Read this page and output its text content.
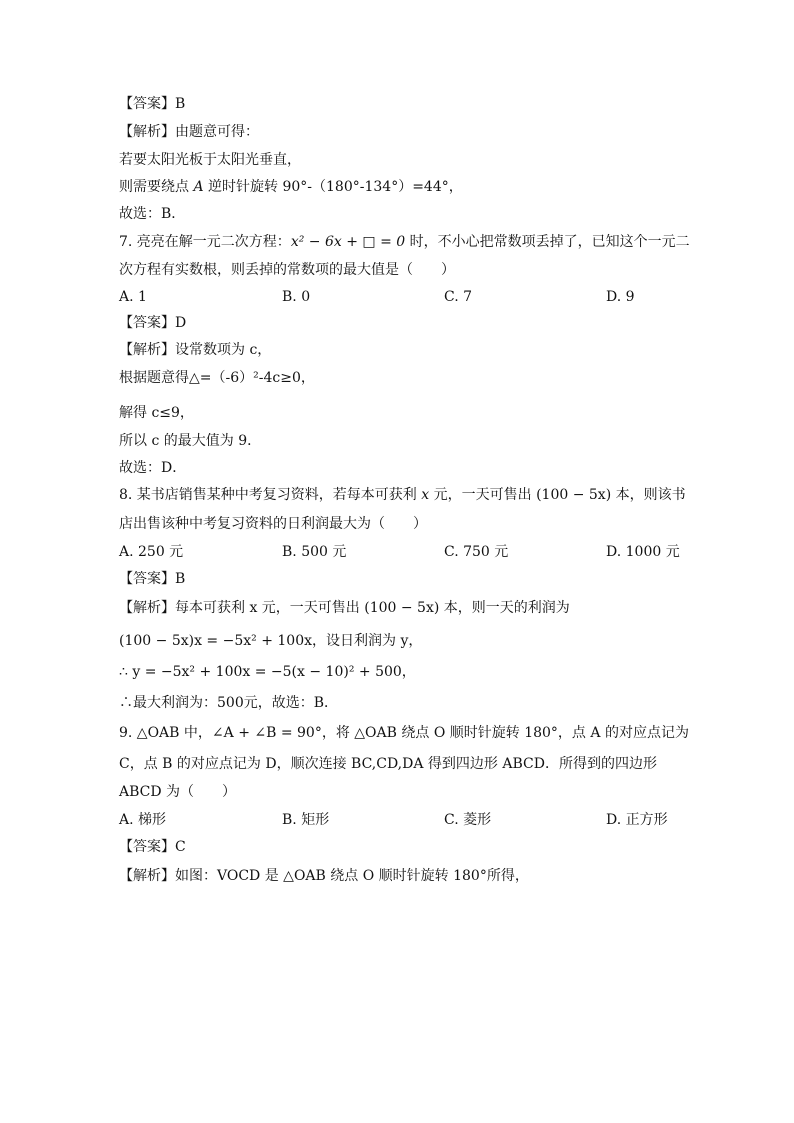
【答案】B
【解析】由题意可得：
若要太阳光板于太阳光垂直，
则需要绕点 A 逆时针旋转 90°-（180°-134°）=44°，
故选：B．
7. 亮亮在解一元二次方程：x² − 6x + □ = 0 时，不小心把常数项丢掉了，已知这个一元二
次方程有实数根，则丢掉的常数项的最大值是（　　）
A. 1	B. 0	C. 7	D. 9
【答案】D
【解析】设常数项为 c，
根据题意得△=（-6）²-4c≥0，
解得 c≤9，
所以 c 的最大值为 9．
故选：D．
8. 某书店销售某种中考复习资料，若每本可获利 x 元，一天可售出 (100 − 5x) 本，则该书
店出售该种中考复习资料的日利润最大为（　　）
A. 250 元	B. 500 元	C. 750 元	D. 1000 元
【答案】B
【解析】每本可获利 x 元，一天可售出 (100 − 5x) 本，则一天的利润为
(100 − 5x)x = −5x² + 100x，设日利润为 y，
∴ y = −5x² + 100x = −5(x − 10)² + 500，
∴最大利润为：500元，故选：B．
9. △OAB 中，∠A + ∠B = 90°，将 △OAB 绕点 O 顺时针旋转 180°，点 A 的对应点记为
C，点 B 的对应点记为 D，顺次连接 BC,CD,DA 得到四边形 ABCD．所得到的四边形
ABCD 为（　　）
A. 梯形	B. 矩形	C. 菱形	D. 正方形
【答案】C
【解析】如图：VOCD 是 △OAB 绕点 O 顺时针旋转 180°所得，
